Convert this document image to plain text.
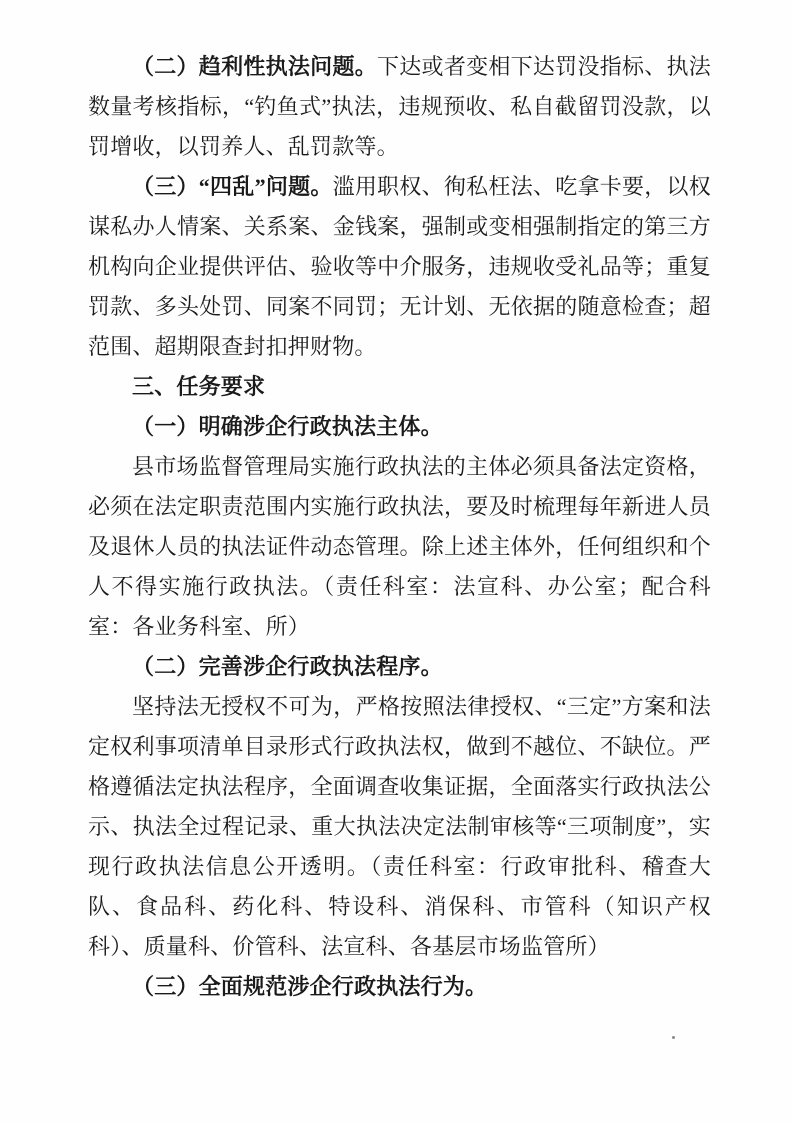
（二）趋利性执法问题。下达或者变相下达罚没指标、执法数量考核指标，“钓鱼式”执法，违规预收、私自截留罚没款，以罚增收，以罚养人、乱罚款等。

（三）“四乱”问题。滥用职权、徇私枉法、吃拿卡要，以权谋私办人情案、关系案、金钱案，强制或变相强制指定的第三方机构向企业提供评估、验收等中介服务，违规收受礼品等；重复罚款、多头处罚、同案不同罚；无计划、无依据的随意检查；超范围、超期限查封扣押财物。

三、任务要求

（一）明确涉企行政执法主体。

县市场监督管理局实施行政执法的主体必须具备法定资格，必须在法定职责范围内实施行政执法，要及时梳理每年新进人员及退休人员的执法证件动态管理。除上述主体外，任何组织和个人不得实施行政执法。（责任科室：法宣科、办公室；配合科室：各业务科室、所）

（二）完善涉企行政执法程序。

坚持法无授权不可为，严格按照法律授权、“三定”方案和法定权利事项清单目录形式行政执法权，做到不越位、不缺位。严格遵循法定执法程序，全面调查收集证据，全面落实行政执法公示、执法全过程记录、重大执法决定法制审核等“三项制度”，实现行政执法信息公开透明。（责任科室：行政审批科、稽查大队、食品科、药化科、特设科、消保科、市管科（知识产权科）、质量科、价管科、法宣科、各基层市场监管所）

（三）全面规范涉企行政执法行为。
